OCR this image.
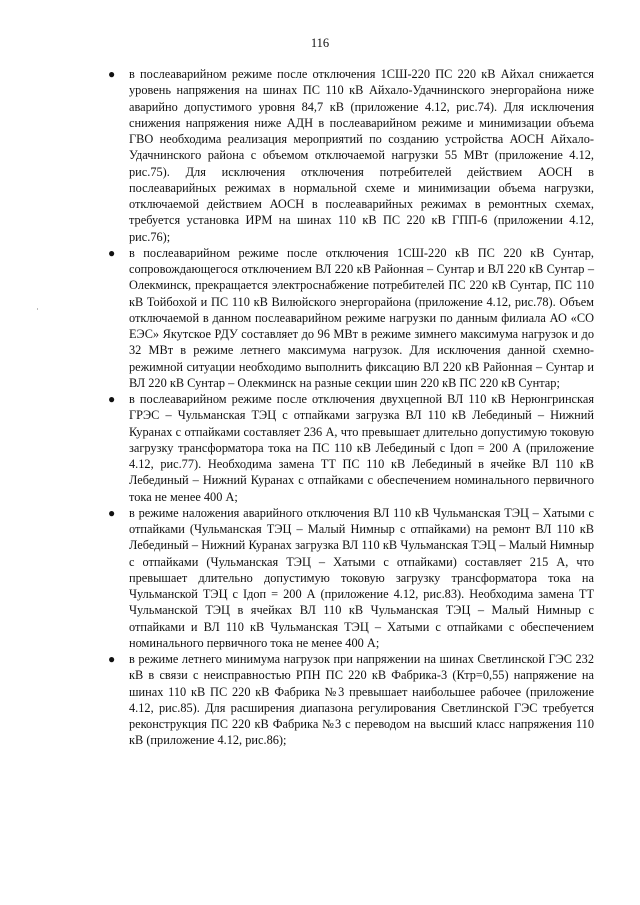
116
● в послеаварийном режиме после отключения 1СШ-220 ПС 220 кВ Айхал снижается уровень напряжения на шинах ПС 110 кВ Айхало-Удачнинского энергорайона ниже аварийно допустимого уровня 84,7 кВ (приложение 4.12, рис.74). Для исключения снижения напряжения ниже АДН в послеаварийном режиме и минимизации объема ГВО необходима реализация мероприятий по созданию устройства АОСН Айхало-Удачнинского района с объемом отключаемой нагрузки 55 МВт (приложение 4.12, рис.75). Для исключения отключения потребителей действием АОСН в послеаварийных режимах в нормальной схеме и минимизации объема нагрузки, отключаемой действием АОСН в послеаварийных режимах в ремонтных схемах, требуется установка ИРМ на шинах 110 кВ ПС 220 кВ ГПП-6 (приложении 4.12, рис.76);
● в послеаварийном режиме после отключения 1СШ-220 кВ ПС 220 кВ Сунтар, сопровождающегося отключением ВЛ 220 кВ Районная – Сунтар и ВЛ 220 кВ Сунтар – Олекминск, прекращается электроснабжение потребителей ПС 220 кВ Сунтар, ПС 110 кВ Тойбохой и ПС 110 кВ Вилюйского энергорайона (приложение 4.12, рис.78). Объем отключаемой в данном послеаварийном режиме нагрузки по данным филиала АО «СО ЕЭС» Якутское РДУ составляет до 96 МВт в режиме зимнего максимума нагрузок и до 32 МВт в режиме летнего максимума нагрузок. Для исключения данной схемно-режимной ситуации необходимо выполнить фиксацию ВЛ 220 кВ Районная – Сунтар и ВЛ 220 кВ Сунтар – Олекминск на разные секции шин 220 кВ ПС 220 кВ Сунтар;
● в послеаварийном режиме после отключения двухцепной ВЛ 110 кВ Нерюнгринская ГРЭС – Чульманская ТЭЦ с отпайками загрузка ВЛ 110 кВ Лебединый – Нижний Куранах с отпайками составляет 236 А, что превышает длительно допустимую токовую загрузку трансформатора тока на ПС 110 кВ Лебединый с Iдоп = 200 А (приложение 4.12, рис.77). Необходима замена ТТ ПС 110 кВ Лебединый в ячейке ВЛ 110 кВ Лебединый – Нижний Куранах с отпайками с обеспечением номинального первичного тока не менее 400 А;
● в режиме наложения аварийного отключения ВЛ 110 кВ Чульманская ТЭЦ – Хатыми с отпайками (Чульманская ТЭЦ – Малый Нимныр с отпайками) на ремонт ВЛ 110 кВ Лебединый – Нижний Куранах загрузка ВЛ 110 кВ Чульманская ТЭЦ – Малый Нимныр с отпайками (Чульманская ТЭЦ – Хатыми с отпайками) составляет 215 А, что превышает длительно допустимую токовую загрузку трансформатора тока на Чульманской ТЭЦ с Iдоп = 200 А (приложение 4.12, рис.83). Необходима замена ТТ Чульманской ТЭЦ в ячейках ВЛ 110 кВ Чульманская ТЭЦ – Малый Нимныр с отпайками и ВЛ 110 кВ Чульманская ТЭЦ – Хатыми с отпайками с обеспечением номинального первичного тока не менее 400 А;
● в режиме летнего минимума нагрузок при напряжении на шинах Светлинской ГЭС 232 кВ в связи с неисправностью РПН ПС 220 кВ Фабрика-3 (Ктр=0,55) напряжение на шинах 110 кВ ПС 220 кВ Фабрика №3 превышает наибольшее рабочее (приложение 4.12, рис.85). Для расширения диапазона регулирования Светлинской ГЭС требуется реконструкция ПС 220 кВ Фабрика №3 с переводом на высший класс напряжения 110 кВ (приложение 4.12, рис.86);
